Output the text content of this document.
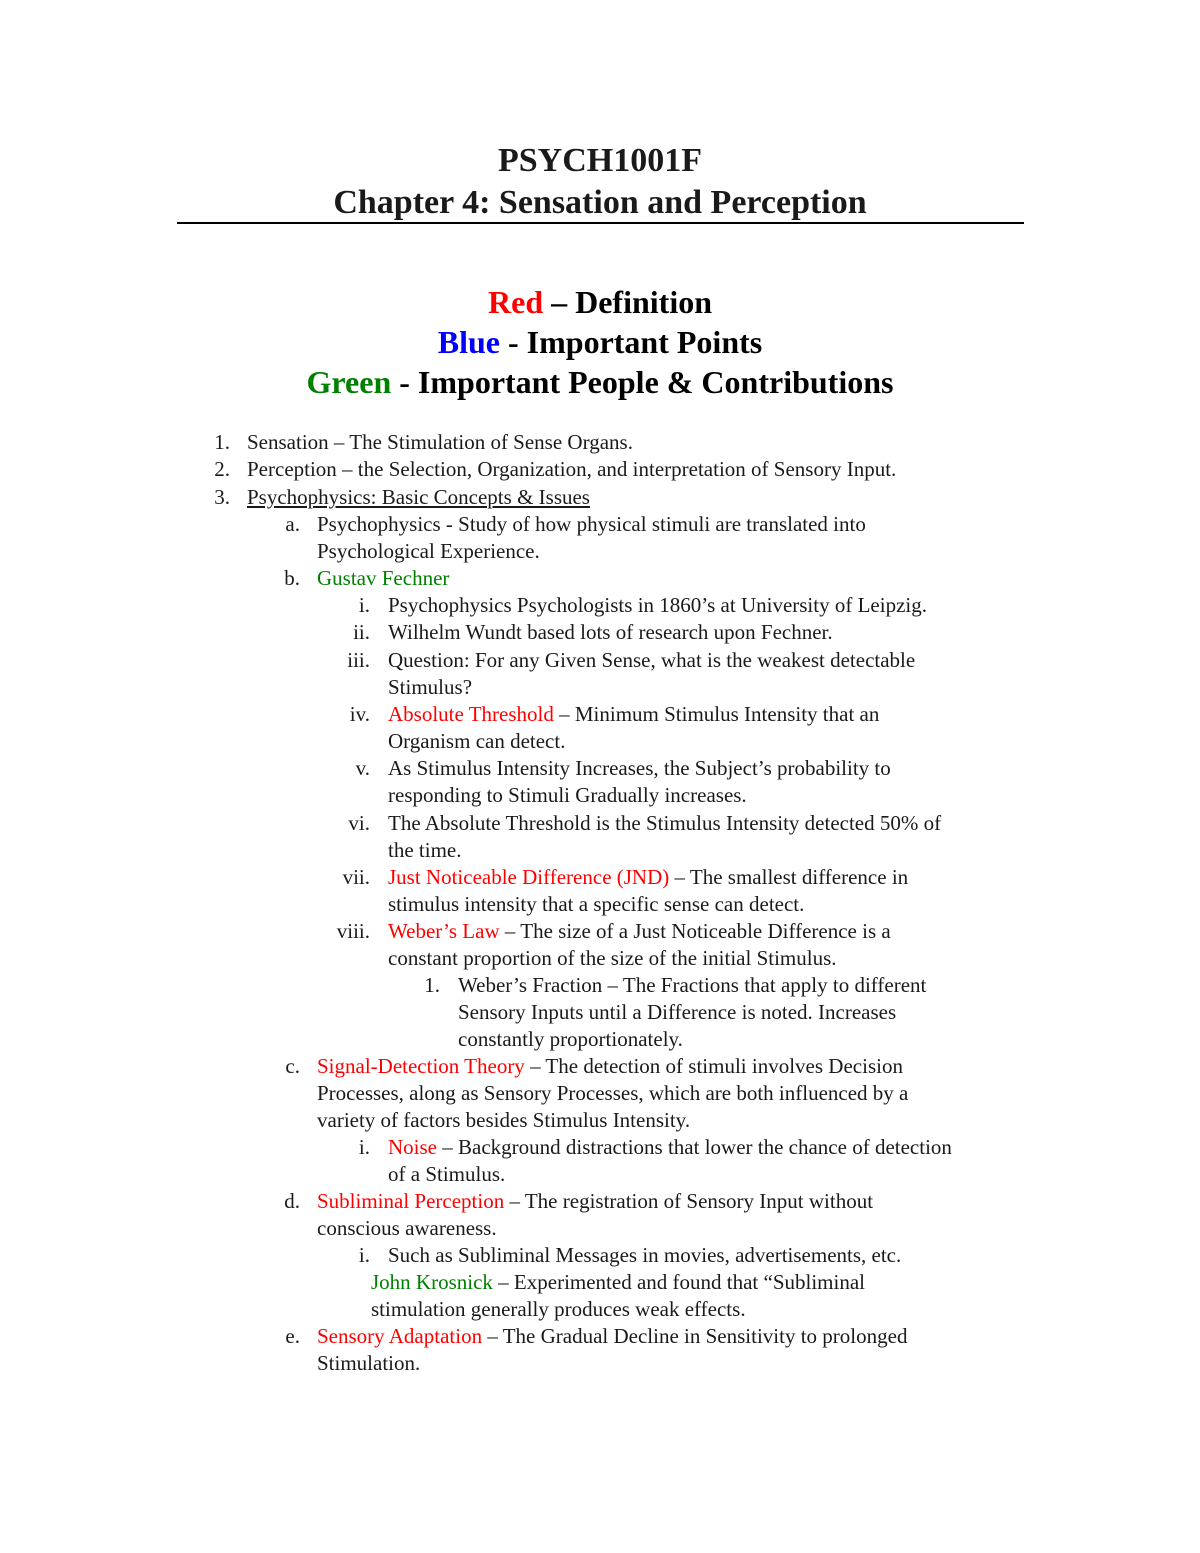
PSYCH1001F
Chapter 4: Sensation and Perception
Red – Definition
Blue - Important Points
Green - Important People & Contributions
1. Sensation – The Stimulation of Sense Organs.
2. Perception – the Selection, Organization, and interpretation of Sensory Input.
3. Psychophysics: Basic Concepts & Issues
a. Psychophysics - Study of how physical stimuli are translated into
Psychological Experience.
b. Gustav Fechner
i. Psychophysics Psychologists in 1860’s at University of Leipzig.
ii. Wilhelm Wundt based lots of research upon Fechner.
iii. Question: For any Given Sense, what is the weakest detectable
Stimulus?
iv. Absolute Threshold – Minimum Stimulus Intensity that an
Organism can detect.
v. As Stimulus Intensity Increases, the Subject’s probability to
responding to Stimuli Gradually increases.
vi. The Absolute Threshold is the Stimulus Intensity detected 50% of
the time.
vii. Just Noticeable Difference (JND) – The smallest difference in
stimulus intensity that a specific sense can detect.
viii. Weber’s Law – The size of a Just Noticeable Difference is a
constant proportion of the size of the initial Stimulus.
1. Weber’s Fraction – The Fractions that apply to different
Sensory Inputs until a Difference is noted. Increases
constantly proportionately.
c. Signal-Detection Theory – The detection of stimuli involves Decision
Processes, along as Sensory Processes, which are both influenced by a
variety of factors besides Stimulus Intensity.
i. Noise – Background distractions that lower the chance of detection
of a Stimulus.
d. Subliminal Perception – The registration of Sensory Input without
conscious awareness.
i. Such as Subliminal Messages in movies, advertisements, etc.
John Krosnick – Experimented and found that “Subliminal
stimulation generally produces weak effects.
e. Sensory Adaptation – The Gradual Decline in Sensitivity to prolonged
Stimulation.
